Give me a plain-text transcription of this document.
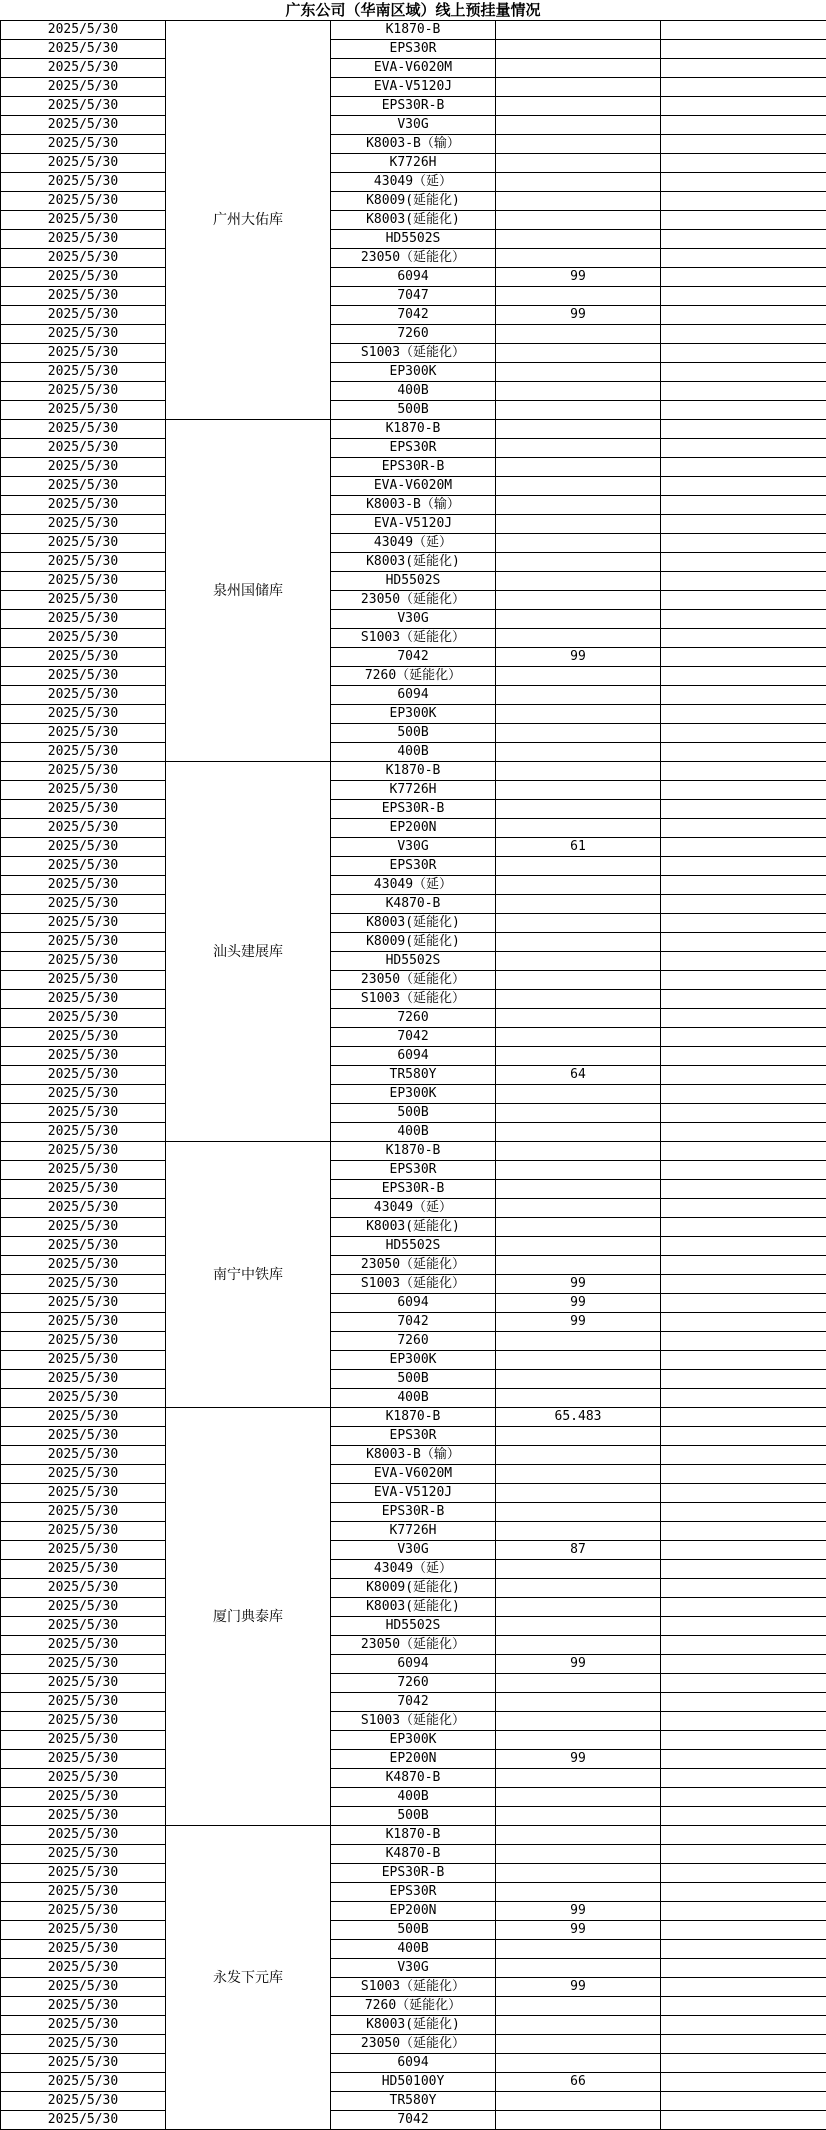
广东公司（华南区域）线上预挂量情况
2025/5/30	广州大佑库	K1870-B		
2025/5/30		EPS30R		
2025/5/30		EVA-V6020M		
2025/5/30		EVA-V5120J		
2025/5/30		EPS30R-B		
2025/5/30		V30G		
2025/5/30		K8003-B（输）		
2025/5/30		K7726H		
2025/5/30		43049（延）		
2025/5/30		K8009(延能化)		
2025/5/30		K8003(延能化)		
2025/5/30		HD5502S		
2025/5/30		23050（延能化）		
2025/5/30		6094	99	
2025/5/30		7047		
2025/5/30		7042	99	
2025/5/30		7260		
2025/5/30		S1003（延能化）		
2025/5/30		EP300K		
2025/5/30		400B		
2025/5/30		500B		
2025/5/30	泉州国储库	K1870-B		
2025/5/30		EPS30R		
2025/5/30		EPS30R-B		
2025/5/30		EVA-V6020M		
2025/5/30		K8003-B（输）		
2025/5/30		EVA-V5120J		
2025/5/30		43049（延）		
2025/5/30		K8003(延能化)		
2025/5/30		HD5502S		
2025/5/30		23050（延能化）		
2025/5/30		V30G		
2025/5/30		S1003（延能化）		
2025/5/30		7042	99	
2025/5/30		7260（延能化）		
2025/5/30		6094		
2025/5/30		EP300K		
2025/5/30		500B		
2025/5/30		400B		
2025/5/30	汕头建展库	K1870-B		
2025/5/30		K7726H		
2025/5/30		EPS30R-B		
2025/5/30		EP200N		
2025/5/30		V30G	61	
2025/5/30		EPS30R		
2025/5/30		43049（延）		
2025/5/30		K4870-B		
2025/5/30		K8003(延能化)		
2025/5/30		K8009(延能化)		
2025/5/30		HD5502S		
2025/5/30		23050（延能化）		
2025/5/30		S1003（延能化）		
2025/5/30		7260		
2025/5/30		7042		
2025/5/30		6094		
2025/5/30		TR580Y	64	
2025/5/30		EP300K		
2025/5/30		500B		
2025/5/30		400B		
2025/5/30	南宁中铁库	K1870-B		
2025/5/30		EPS30R		
2025/5/30		EPS30R-B		
2025/5/30		43049（延）		
2025/5/30		K8003(延能化)		
2025/5/30		HD5502S		
2025/5/30		23050（延能化）		
2025/5/30		S1003（延能化）	99	
2025/5/30		6094	99	
2025/5/30		7042	99	
2025/5/30		7260		
2025/5/30		EP300K		
2025/5/30		500B		
2025/5/30		400B		
2025/5/30	厦门典泰库	K1870-B	65.483	
2025/5/30		EPS30R		
2025/5/30		K8003-B（输）		
2025/5/30		EVA-V6020M		
2025/5/30		EVA-V5120J		
2025/5/30		EPS30R-B		
2025/5/30		K7726H		
2025/5/30		V30G	87	
2025/5/30		43049（延）		
2025/5/30		K8009(延能化)		
2025/5/30		K8003(延能化)		
2025/5/30		HD5502S		
2025/5/30		23050（延能化）		
2025/5/30		6094	99	
2025/5/30		7260		
2025/5/30		7042		
2025/5/30		S1003（延能化）		
2025/5/30		EP300K		
2025/5/30		EP200N	99	
2025/5/30		K4870-B		
2025/5/30		400B		
2025/5/30		500B		
2025/5/30	永发下元库	K1870-B		
2025/5/30		K4870-B		
2025/5/30		EPS30R-B		
2025/5/30		EPS30R		
2025/5/30		EP200N	99	
2025/5/30		500B	99	
2025/5/30		400B		
2025/5/30		V30G		
2025/5/30		S1003（延能化）	99	
2025/5/30		7260（延能化）		
2025/5/30		K8003(延能化)		
2025/5/30		23050（延能化）		
2025/5/30		6094		
2025/5/30		HD50100Y	66	
2025/5/30		TR580Y		
2025/5/30		7042		
